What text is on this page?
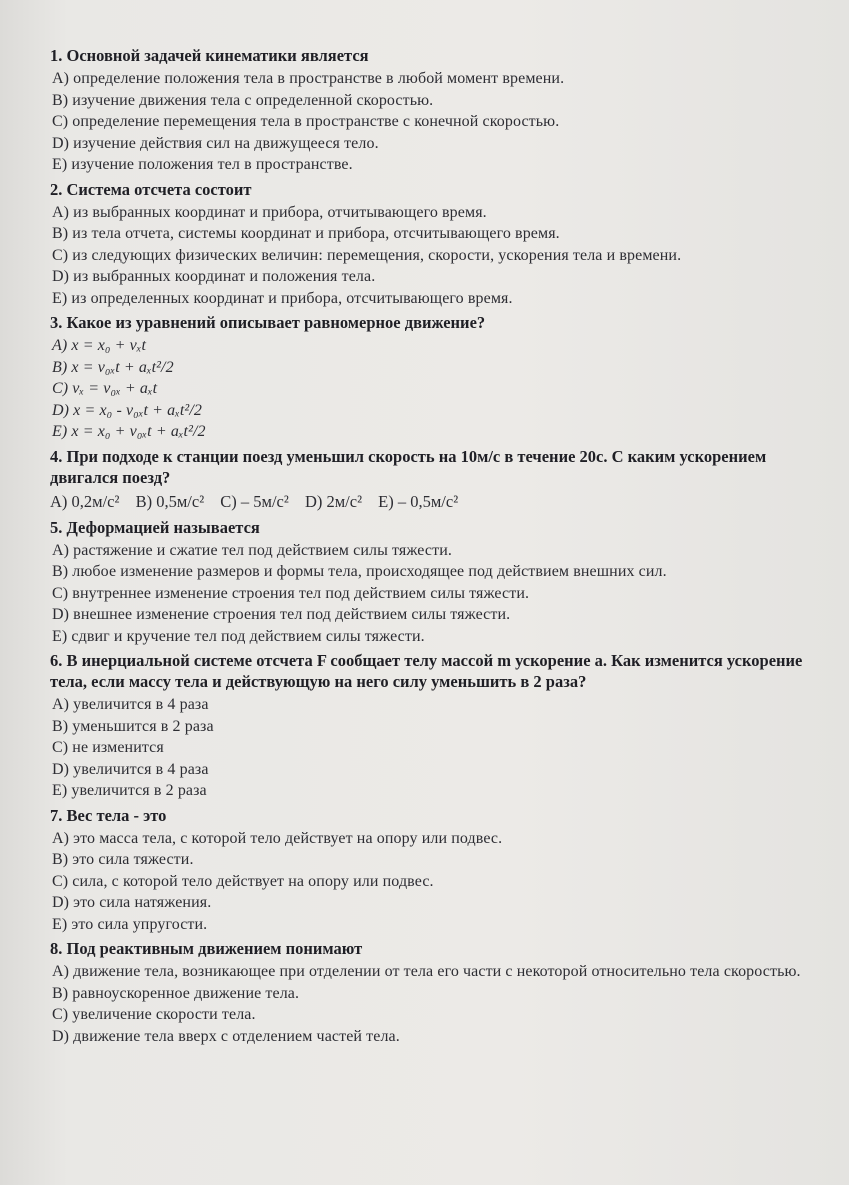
1. Основной задачей кинематики является
A) определение положения тела в пространстве в любой момент времени.
B) изучение движения тела с определенной скоростью.
C) определение перемещения тела в пространстве с конечной скоростью.
D) изучение действия сил на движущееся тело.
E) изучение положения тел в пространстве.
2. Система отсчета состоит
A) из выбранных координат и прибора, отчитывающего время.
B) из тела отчета, системы координат и прибора, отсчитывающего время.
C) из следующих физических величин: перемещения, скорости, ускорения тела и времени.
D) из выбранных координат и положения тела.
E) из определенных координат и прибора, отсчитывающего время.
3. Какое из уравнений описывает равномерное движение?
A) x = x₀ + vₓt
B) x = v₀ₓt + aₓt²/2
C) vₓ = v₀ₓ + aₓt
D) x = x₀ - v₀ₓt + aₓt²/2
E) x = x₀ + v₀ₓt + aₓt²/2
4. При подходе к станции поезд уменьшил скорость на 10м/с в течение 20с. С каким ускорением двигался поезд?
A) 0,2м/с² B) 0,5м/с² C) – 5м/с² D) 2м/с² E) – 0,5м/с²
5. Деформацией называется
A) растяжение и сжатие тел под действием силы тяжести.
B) любое изменение размеров и формы тела, происходящее под действием внешних сил.
C) внутреннее изменение строения тел под действием силы тяжести.
D) внешнее изменение строения тел под действием силы тяжести.
E) сдвиг и кручение тел под действием силы тяжести.
6. В инерциальной системе отсчета F сообщает телу массой m ускорение a. Как изменится ускорение тела, если массу тела и действующую на него силу уменьшить в 2 раза?
A) увеличится в 4 раза
B) уменьшится в 2 раза
C) не изменится
D) увеличится в 4 раза
E) увеличится в 2 раза
7. Вес тела - это
A) это масса тела, с которой тело действует на опору или подвес.
B) это сила тяжести.
C) сила, с которой тело действует на опору или подвес.
D) это сила натяжения.
E) это сила упругости.
8. Под реактивным движением понимают
A) движение тела, возникающее при отделении от тела его части с некоторой относительно тела скоростью.
B) равноускоренное движение тела.
C) увеличение скорости тела.
D) движение тела вверх с отделением частей тела.
